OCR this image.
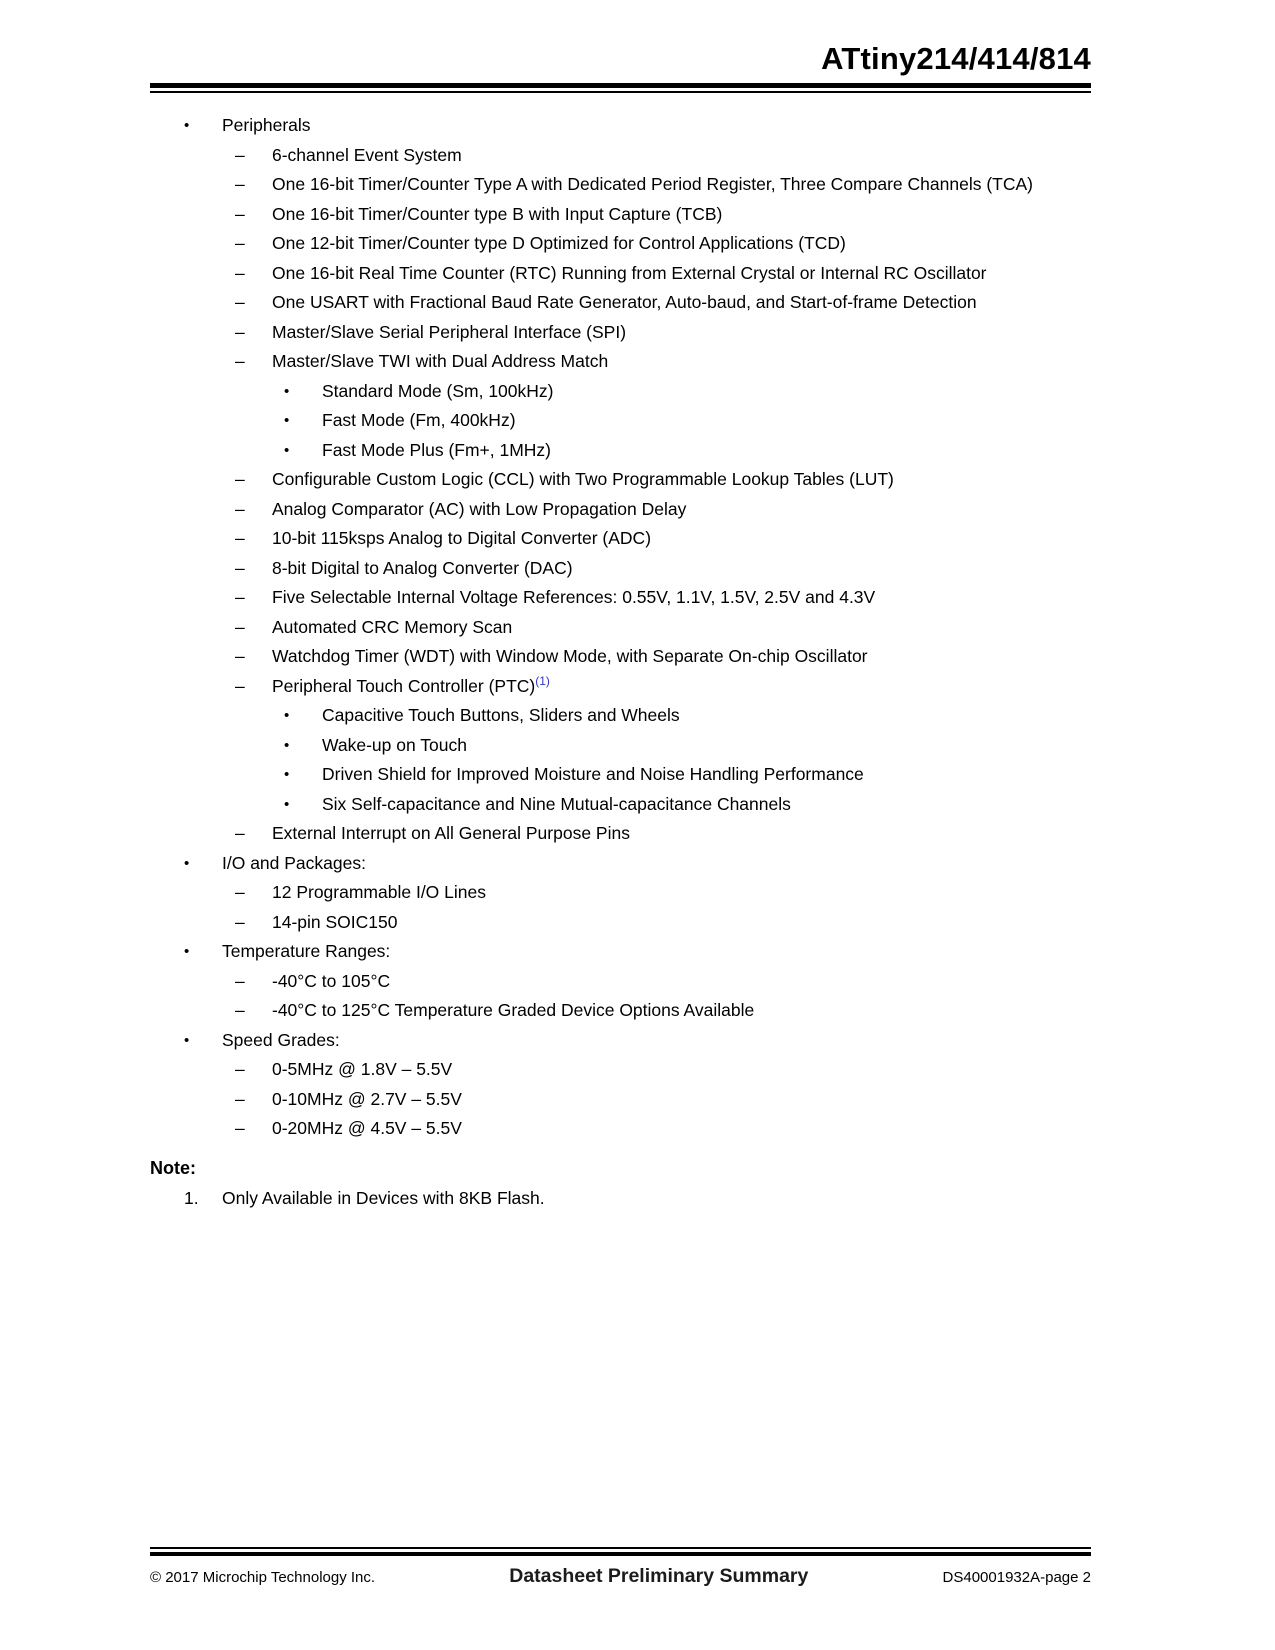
ATtiny214/414/814
•	Peripherals
–	6-channel Event System
–	One 16-bit Timer/Counter Type A with Dedicated Period Register, Three Compare Channels (TCA)
–	One 16-bit Timer/Counter type B with Input Capture (TCB)
–	One 12-bit Timer/Counter type D Optimized for Control Applications (TCD)
–	One 16-bit Real Time Counter (RTC) Running from External Crystal or Internal RC Oscillator
–	One USART with Fractional Baud Rate Generator, Auto-baud, and Start-of-frame Detection
–	Master/Slave Serial Peripheral Interface (SPI)
–	Master/Slave TWI with Dual Address Match
•	Standard Mode (Sm, 100kHz)
•	Fast Mode (Fm, 400kHz)
•	Fast Mode Plus (Fm+, 1MHz)
–	Configurable Custom Logic (CCL) with Two Programmable Lookup Tables (LUT)
–	Analog Comparator (AC) with Low Propagation Delay
–	10-bit 115ksps Analog to Digital Converter (ADC)
–	8-bit Digital to Analog Converter (DAC)
–	Five Selectable Internal Voltage References: 0.55V, 1.1V, 1.5V, 2.5V and 4.3V
–	Automated CRC Memory Scan
–	Watchdog Timer (WDT) with Window Mode, with Separate On-chip Oscillator
–	Peripheral Touch Controller (PTC)$^{(1)}$
•	Capacitive Touch Buttons, Sliders and Wheels
•	Wake-up on Touch
•	Driven Shield for Improved Moisture and Noise Handling Performance
•	Six Self-capacitance and Nine Mutual-capacitance Channels
–	External Interrupt on All General Purpose Pins
•	I/O and Packages:
–	12 Programmable I/O Lines
–	14-pin SOIC150
•	Temperature Ranges:
–	-40°C to 105°C
–	-40°C to 125°C Temperature Graded Device Options Available
•	Speed Grades:
–	0-5MHz @ 1.8V – 5.5V
–	0-10MHz @ 2.7V – 5.5V
–	0-20MHz @ 4.5V – 5.5V
Note:
1.	Only Available in Devices with 8KB Flash.
© 2017 Microchip Technology Inc.	Datasheet Preliminary Summary	DS40001932A-page 2
